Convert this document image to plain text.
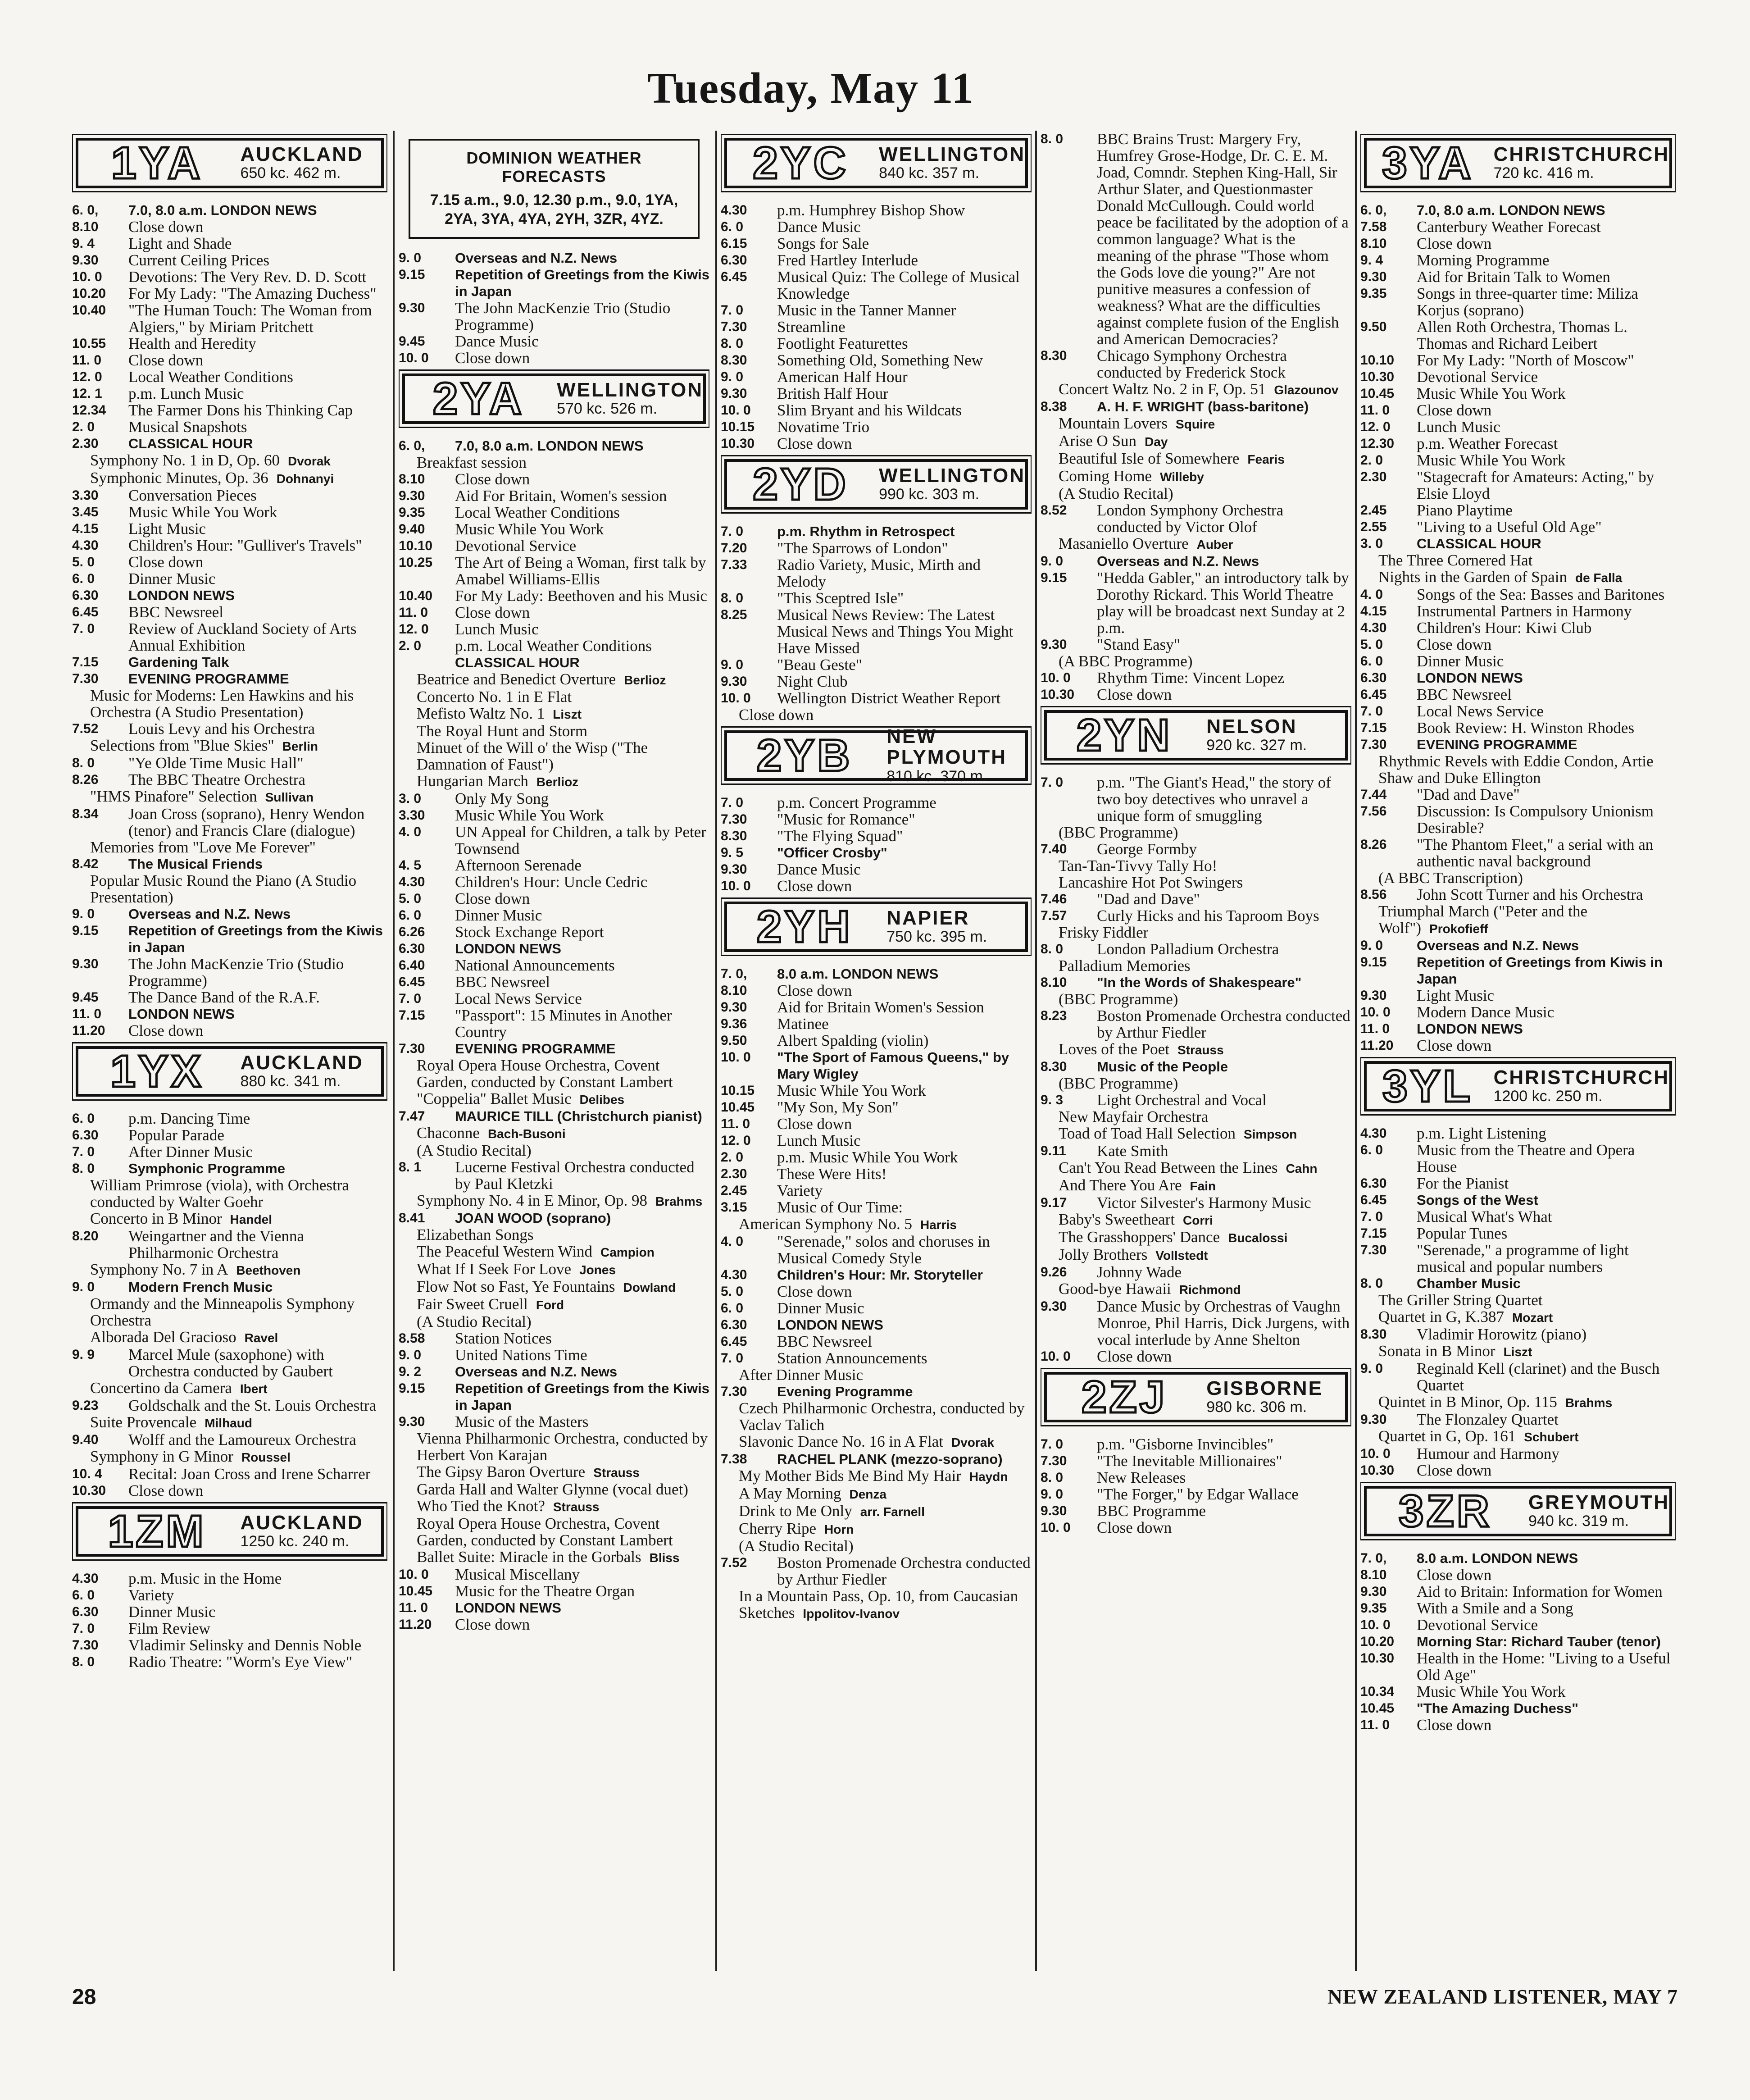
Tuesday, May 11
1YA	AUCKLAND
650 kc. 462 m.
6. 0,	7.0, 8.0 a.m. LONDON NEWS
8.10	Close down
9. 4	Light and Shade
9.30	Current Ceiling Prices
10. 0	Devotions: The Very Rev. D. D. Scott
10.20	For My Lady: "The Amazing Duchess"
10.40	"The Human Touch: The Woman from Algiers," by Miriam Pritchett
10.55	Health and Heredity
11. 0	Close down
12. 0	Local Weather Conditions
12. 1	p.m. Lunch Music
12.34	The Farmer Dons his Thinking Cap
2. 0	Musical Snapshots
2.30	CLASSICAL HOUR
Symphony No. 1 in D, Op. 60 Dvorak
Symphonic Minutes, Op. 36 Dohnanyi
3.30	Conversation Pieces
3.45	Music While You Work
4.15	Light Music
4.30	Children's Hour: "Gulliver's Travels"
5. 0	Close down
6. 0	Dinner Music
6.30	LONDON NEWS
6.45	BBC Newsreel
7. 0	Review of Auckland Society of Arts Annual Exhibition
7.15	Gardening Talk
7.30	EVENING PROGRAMME
Music for Moderns: Len Hawkins and his Orchestra (A Studio Presentation)
7.52	Louis Levy and his Orchestra
Selections from "Blue Skies" Berlin
8. 0	"Ye Olde Time Music Hall"
8.26	The BBC Theatre Orchestra
"HMS Pinafore" Selection Sullivan
8.34	Joan Cross (soprano), Henry Wendon (tenor) and Francis Clare (dialogue)
Memories from "Love Me Forever"
8.42	The Musical Friends
Popular Music Round the Piano (A Studio Presentation)
9. 0	Overseas and N.Z. News
9.15	Repetition of Greetings from the Kiwis in Japan
9.30	The John MacKenzie Trio (Studio Programme)
9.45	The Dance Band of the R.A.F.
11. 0	LONDON NEWS
11.20	Close down
1YX	AUCKLAND
880 kc. 341 m.
6. 0	p.m. Dancing Time
6.30	Popular Parade
7. 0	After Dinner Music
8. 0	Symphonic Programme
William Primrose (viola), with Orchestra conducted by Walter Goehr
Concerto in B Minor Handel
8.20	Weingartner and the Vienna Philharmonic Orchestra
Symphony No. 7 in A Beethoven
9. 0	Modern French Music
Ormandy and the Minneapolis Symphony Orchestra
Alborada Del Gracioso Ravel
9. 9	Marcel Mule (saxophone) with Orchestra conducted by Gaubert
Concertino da Camera Ibert
9.23	Goldschalk and the St. Louis Orchestra
Suite Provencale Milhaud
9.40	Wolff and the Lamoureux Orchestra
Symphony in G Minor Roussel
10. 4	Recital: Joan Cross and Irene Scharrer
10.30	Close down
1ZM	AUCKLAND
1250 kc. 240 m.
4.30	p.m. Music in the Home
6. 0	Variety
6.30	Dinner Music
7. 0	Film Review
7.30	Vladimir Selinsky and Dennis Noble
8. 0	Radio Theatre: "Worm's Eye View"
DOMINION WEATHER FORECASTS
7.15 a.m., 9.0, 12.30 p.m., 9.0, 1YA, 2YA, 3YA, 4YA, 2YH, 3ZR, 4YZ.
9. 0	Overseas and N.Z. News
9.15	Repetition of Greetings from the Kiwis in Japan
9.30	The John MacKenzie Trio (Studio Programme)
9.45	Dance Music
10. 0	Close down
2YA	WELLINGTON
570 kc. 526 m.
6. 0,	7.0, 8.0 a.m. LONDON NEWS
Breakfast session
8.10	Close down
9.30	Aid For Britain, Women's session
9.35	Local Weather Conditions
9.40	Music While You Work
10.10	Devotional Service
10.25	The Art of Being a Woman, first talk by Amabel Williams-Ellis
10.40	For My Lady: Beethoven and his Music
11. 0	Close down
12. 0	Lunch Music
2. 0	p.m. Local Weather Conditions
CLASSICAL HOUR
Beatrice and Benedict Overture Berlioz
Concerto No. 1 in E Flat
Mefisto Waltz No. 1 Liszt
The Royal Hunt and Storm
Minuet of the Will o' the Wisp ("The Damnation of Faust")
Hungarian March Berlioz
3. 0	Only My Song
3.30	Music While You Work
4. 0	UN Appeal for Children, a talk by Peter Townsend
4. 5	Afternoon Serenade
4.30	Children's Hour: Uncle Cedric
5. 0	Close down
6. 0	Dinner Music
6.26	Stock Exchange Report
6.30	LONDON NEWS
6.40	National Announcements
6.45	BBC Newsreel
7. 0	Local News Service
7.15	"Passport": 15 Minutes in Another Country
7.30	EVENING PROGRAMME
Royal Opera House Orchestra, Covent Garden, conducted by Constant Lambert
"Coppelia" Ballet Music Delibes
7.47	MAURICE TILL (Christchurch pianist)
Chaconne Bach-Busoni
(A Studio Recital)
8. 1	Lucerne Festival Orchestra conducted by Paul Kletzki
Symphony No. 4 in E Minor, Op. 98 Brahms
8.41	JOAN WOOD (soprano)
Elizabethan Songs
The Peaceful Western Wind Campion
What If I Seek For Love Jones
Flow Not so Fast, Ye Fountains Dowland
Fair Sweet Cruell Ford
(A Studio Recital)
8.58	Station Notices
9. 0	United Nations Time
9. 2	Overseas and N.Z. News
9.15	Repetition of Greetings from the Kiwis in Japan
9.30	Music of the Masters
Vienna Philharmonic Orchestra, conducted by Herbert Von Karajan
The Gipsy Baron Overture Strauss
Garda Hall and Walter Glynne (vocal duet)
Who Tied the Knot? Strauss
Royal Opera House Orchestra, Covent Garden, conducted by Constant Lambert
Ballet Suite: Miracle in the Gorbals Bliss
10. 0	Musical Miscellany
10.45	Music for the Theatre Organ
11. 0	LONDON NEWS
11.20	Close down
2YC	WELLINGTON
840 kc. 357 m.
4.30	p.m. Humphrey Bishop Show
6. 0	Dance Music
6.15	Songs for Sale
6.30	Fred Hartley Interlude
6.45	Musical Quiz: The College of Musical Knowledge
7. 0	Music in the Tanner Manner
7.30	Streamline
8. 0	Footlight Featurettes
8.30	Something Old, Something New
9. 0	American Half Hour
9.30	British Half Hour
10. 0	Slim Bryant and his Wildcats
10.15	Novatime Trio
10.30	Close down
2YD	WELLINGTON
990 kc. 303 m.
7. 0	p.m. Rhythm in Retrospect
7.20	"The Sparrows of London"
7.33	Radio Variety, Music, Mirth and Melody
8. 0	"This Sceptred Isle"
8.25	Musical News Review: The Latest Musical News and Things You Might Have Missed
9. 0	"Beau Geste"
9.30	Night Club
10. 0	Wellington District Weather Report
Close down
2YB	NEW PLYMOUTH
810 kc. 370 m.
7. 0	p.m. Concert Programme
7.30	"Music for Romance"
8.30	"The Flying Squad"
9. 5	"Officer Crosby"
9.30	Dance Music
10. 0	Close down
2YH	NAPIER
750 kc. 395 m.
7. 0,	8.0 a.m. LONDON NEWS
8.10	Close down
9.30	Aid for Britain Women's Session
9.36	Matinee
9.50	Albert Spalding (violin)
10. 0	"The Sport of Famous Queens," by Mary Wigley
10.15	Music While You Work
10.45	"My Son, My Son"
11. 0	Close down
12. 0	Lunch Music
2. 0	p.m. Music While You Work
2.30	These Were Hits!
2.45	Variety
3.15	Music of Our Time:
American Symphony No. 5 Harris
4. 0	"Serenade," solos and choruses in Musical Comedy Style
4.30	Children's Hour: Mr. Storyteller
5. 0	Close down
6. 0	Dinner Music
6.30	LONDON NEWS
6.45	BBC Newsreel
7. 0	Station Announcements
After Dinner Music
7.30	Evening Programme
Czech Philharmonic Orchestra, conducted by Vaclav Talich
Slavonic Dance No. 16 in A Flat Dvorak
7.38	RACHEL PLANK (mezzo-soprano)
My Mother Bids Me Bind My Hair Haydn
A May Morning Denza
Drink to Me Only arr. Farnell
Cherry Ripe Horn
(A Studio Recital)
7.52	Boston Promenade Orchestra conducted by Arthur Fiedler
In a Mountain Pass, Op. 10, from Caucasian Sketches Ippolitov-Ivanov
8. 0	BBC Brains Trust: Margery Fry, Humfrey Grose-Hodge, Dr. C. E. M. Joad, Comndr. Stephen King-Hall, Sir Arthur Slater, and Questionmaster Donald McCullough. Could world peace be facilitated by the adoption of a common language? What is the meaning of the phrase "Those whom the Gods love die young?" Are not punitive measures a confession of weakness? What are the difficulties against complete fusion of the English and American Democracies?
8.30	Chicago Symphony Orchestra conducted by Frederick Stock
Concert Waltz No. 2 in F, Op. 51 Glazounov
8.38	A. H. F. WRIGHT (bass-baritone)
Mountain Lovers Squire
Arise O Sun Day
Beautiful Isle of Somewhere Fearis
Coming Home Willeby
(A Studio Recital)
8.52	London Symphony Orchestra conducted by Victor Olof
Masaniello Overture Auber
9. 0	Overseas and N.Z. News
9.15	"Hedda Gabler," an introductory talk by Dorothy Rickard. This World Theatre play will be broadcast next Sunday at 2 p.m.
9.30	"Stand Easy"
(A BBC Programme)
10. 0	Rhythm Time: Vincent Lopez
10.30	Close down
2YN	NELSON
920 kc. 327 m.
7. 0	p.m. "The Giant's Head," the story of two boy detectives who unravel a unique form of smuggling
(BBC Programme)
7.40	George Formby
Tan-Tan-Tivvy Tally Ho!
Lancashire Hot Pot Swingers
7.46	"Dad and Dave"
7.57	Curly Hicks and his Taproom Boys
Frisky Fiddler
8. 0	London Palladium Orchestra
Palladium Memories
8.10	"In the Words of Shakespeare"
(BBC Programme)
8.23	Boston Promenade Orchestra conducted by Arthur Fiedler
Loves of the Poet Strauss
8.30	Music of the People
(BBC Programme)
9. 3	Light Orchestral and Vocal
New Mayfair Orchestra
Toad of Toad Hall Selection Simpson
9.11	Kate Smith
Can't You Read Between the Lines Cahn
And There You Are Fain
9.17	Victor Silvester's Harmony Music
Baby's Sweetheart Corri
The Grasshoppers' Dance Bucalossi
Jolly Brothers Vollstedt
9.26	Johnny Wade
Good-bye Hawaii Richmond
9.30	Dance Music by Orchestras of Vaughn Monroe, Phil Harris, Dick Jurgens, with vocal interlude by Anne Shelton
10. 0	Close down
2ZJ	GISBORNE
980 kc. 306 m.
7. 0	p.m. "Gisborne Invincibles"
7.30	"The Inevitable Millionaires"
8. 0	New Releases
9. 0	"The Forger," by Edgar Wallace
9.30	BBC Programme
10. 0	Close down
3YA	CHRISTCHURCH
720 kc. 416 m.
6. 0,	7.0, 8.0 a.m. LONDON NEWS
7.58	Canterbury Weather Forecast
8.10	Close down
9. 4	Morning Programme
9.30	Aid for Britain Talk to Women
9.35	Songs in three-quarter time: Miliza Korjus (soprano)
9.50	Allen Roth Orchestra, Thomas L. Thomas and Richard Leibert
10.10	For My Lady: "North of Moscow"
10.30	Devotional Service
10.45	Music While You Work
11. 0	Close down
12. 0	Lunch Music
12.30	p.m. Weather Forecast
2. 0	Music While You Work
2.30	"Stagecraft for Amateurs: Acting," by Elsie Lloyd
2.45	Piano Playtime
2.55	"Living to a Useful Old Age"
3. 0	CLASSICAL HOUR
The Three Cornered Hat
Nights in the Garden of Spain de Falla
4. 0	Songs of the Sea: Basses and Baritones
4.15	Instrumental Partners in Harmony
4.30	Children's Hour: Kiwi Club
5. 0	Close down
6. 0	Dinner Music
6.30	LONDON NEWS
6.45	BBC Newsreel
7. 0	Local News Service
7.15	Book Review: H. Winston Rhodes
7.30	EVENING PROGRAMME
Rhythmic Revels with Eddie Condon, Artie Shaw and Duke Ellington
7.44	"Dad and Dave"
7.56	Discussion: Is Compulsory Unionism Desirable?
8.26	"The Phantom Fleet," a serial with an authentic naval background
(A BBC Transcription)
8.56	John Scott Turner and his Orchestra
Triumphal March ("Peter and the Wolf") Prokofieff
9. 0	Overseas and N.Z. News
9.15	Repetition of Greetings from Kiwis in Japan
9.30	Light Music
10. 0	Modern Dance Music
11. 0	LONDON NEWS
11.20	Close down
3YL	CHRISTCHURCH
1200 kc. 250 m.
4.30	p.m. Light Listening
6. 0	Music from the Theatre and Opera House
6.30	For the Pianist
6.45	Songs of the West
7. 0	Musical What's What
7.15	Popular Tunes
7.30	"Serenade," a programme of light musical and popular numbers
8. 0	Chamber Music
The Griller String Quartet
Quartet in G, K.387 Mozart
8.30	Vladimir Horowitz (piano)
Sonata in B Minor Liszt
9. 0	Reginald Kell (clarinet) and the Busch Quartet
Quintet in B Minor, Op. 115 Brahms
9.30	The Flonzaley Quartet
Quartet in G, Op. 161 Schubert
10. 0	Humour and Harmony
10.30	Close down
3ZR	GREYMOUTH
940 kc. 319 m.
7. 0,	8.0 a.m. LONDON NEWS
8.10	Close down
9.30	Aid to Britain: Information for Women
9.35	With a Smile and a Song
10. 0	Devotional Service
10.20	Morning Star: Richard Tauber (tenor)
10.30	Health in the Home: "Living to a Useful Old Age"
10.34	Music While You Work
10.45	"The Amazing Duchess"
11. 0	Close down
28	NEW ZEALAND LISTENER, MAY 7
